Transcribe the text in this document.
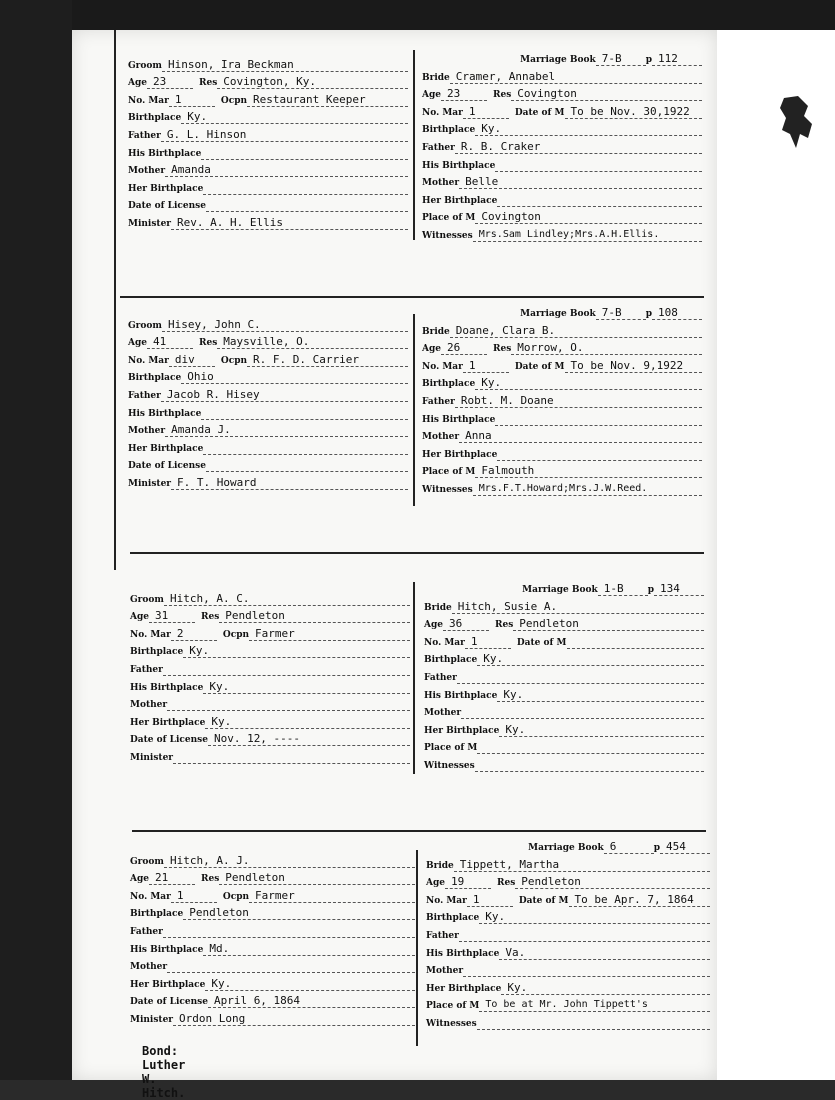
Groom Hinson, Ira Beckman
Age 23	Res Covington, Ky.
No. Mar 1	Ocpn Restaurant Keeper
Birthplace Ky.
Father G. L. Hinson
His Birthplace
Mother Amanda
Her Birthplace
Date of License
Minister Rev. A. H. Ellis
Marriage Book 7-B	p 112
Bride Cramer, Annabel
Age 23	Res Covington
No. Mar 1	Date of M To be Nov. 30,1922
Birthplace Ky.
Father R. B. Craker
His Birthplace
Mother Belle
Her Birthplace
Place of M Covington
Witnesses Mrs.Sam Lindley;Mrs.A.H.Ellis.
Groom Hisey, John C.
Age 41	Res Maysville, O.
No. Mar div	Ocpn R. F. D. Carrier
Birthplace Ohio
Father Jacob R. Hisey
His Birthplace
Mother Amanda J.
Her Birthplace
Date of License
Minister F. T. Howard
Marriage Book 7-B	p 108
Bride Doane, Clara B.
Age 26	Res Morrow, O.
No. Mar 1	Date of M To be Nov. 9,1922
Birthplace Ky.
Father Robt. M. Doane
His Birthplace
Mother Anna
Her Birthplace
Place of M Falmouth
Witnesses Mrs.F.T.Howard;Mrs.J.W.Reed.
Groom Hitch, A. C.
Age 31	Res Pendleton
No. Mar 2	Ocpn Farmer
Birthplace Ky.
Father
His Birthplace Ky.
Mother
Her Birthplace Ky.
Date of License Nov. 12, ----
Minister
Marriage Book 1-B	p 134
Bride Hitch, Susie A.
Age 36	Res Pendleton
No. Mar 1	Date of M
Birthplace Ky.
Father
His Birthplace Ky.
Mother
Her Birthplace Ky.
Place of M
Witnesses
Groom Hitch, A. J.
Age 21	Res Pendleton
No. Mar 1	Ocpn Farmer
Birthplace Pendleton
Father
His Birthplace Md.
Mother
Her Birthplace Ky.
Date of License April 6, 1864
Minister Ordon Long
Marriage Book 6	p 454
Bride Tippett, Martha
Age 19	Res Pendleton
No. Mar 1	Date of M To be Apr. 7, 1864
Birthplace Ky.
Father
His Birthplace Va.
Mother
Her Birthplace Ky.
Place of M To be at Mr. John Tippett's
Witnesses
Bond: Luther W. Hitch.
